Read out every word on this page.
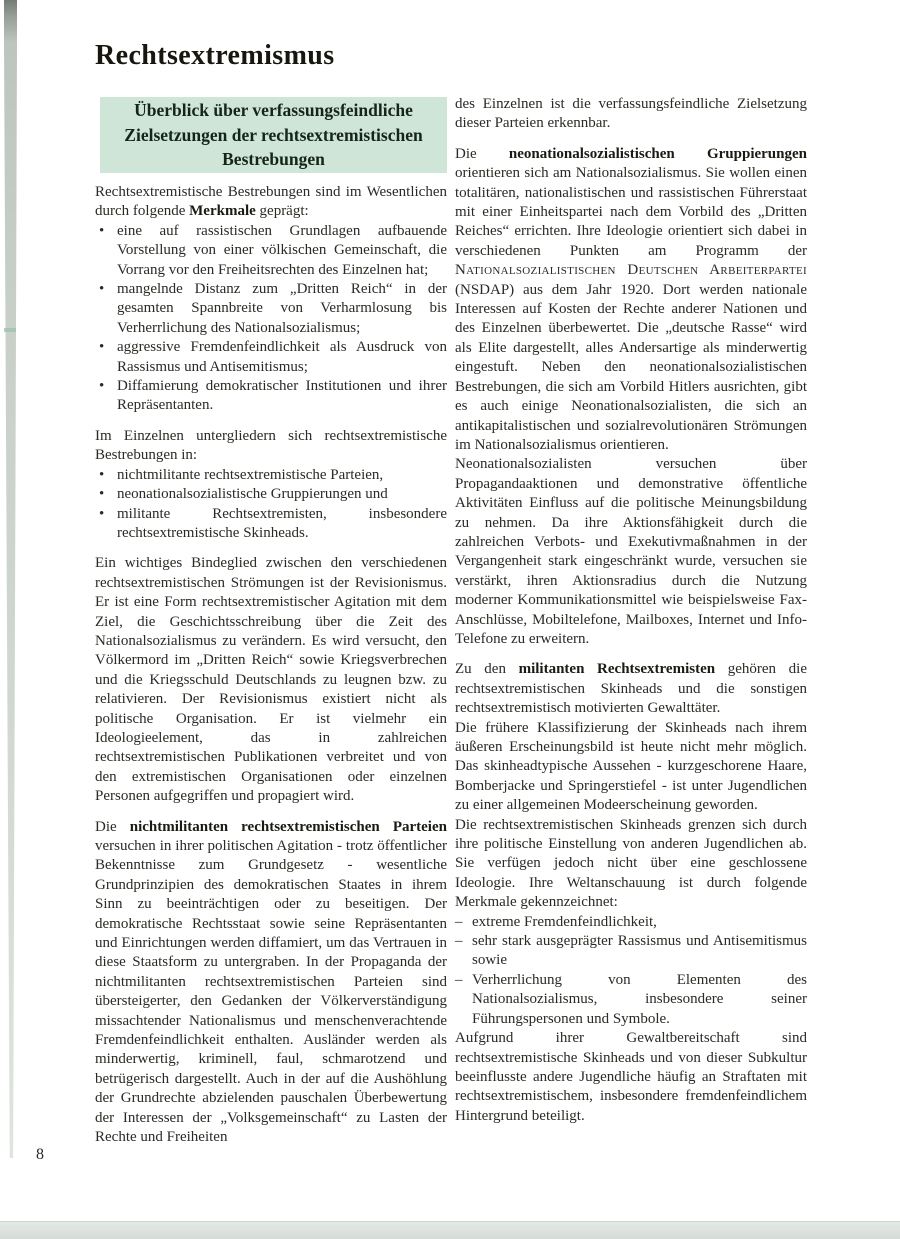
Rechtsextremismus
Überblick über verfassungsfeindliche Zielsetzungen der rechtsextremistischen Bestrebungen
Rechtsextremistische Bestrebungen sind im Wesentlichen durch folgende Merkmale geprägt:
• eine auf rassistischen Grundlagen aufbauende Vorstellung von einer völkischen Gemeinschaft, die Vorrang vor den Freiheitsrechten des Einzelnen hat;
• mangelnde Distanz zum „Dritten Reich“ in der gesamten Spannbreite von Verharmlosung bis Verherrlichung des Nationalsozialismus;
• aggressive Fremdenfeindlichkeit als Ausdruck von Rassismus und Antisemitismus;
• Diffamierung demokratischer Institutionen und ihrer Repräsentanten.
Im Einzelnen untergliedern sich rechtsextremistische Bestrebungen in:
• nichtmilitante rechtsextremistische Parteien,
• neonationalsozialistische Gruppierungen und
• militante Rechtsextremisten, insbesondere rechtsextremistische Skinheads.
Ein wichtiges Bindeglied zwischen den verschiedenen rechtsextremistischen Strömungen ist der Revisionismus. Er ist eine Form rechtsextremistischer Agitation mit dem Ziel, die Geschichtsschreibung über die Zeit des Nationalsozialismus zu verändern. Es wird versucht, den Völkermord im „Dritten Reich“ sowie Kriegsverbrechen und die Kriegsschuld Deutschlands zu leugnen bzw. zu relativieren. Der Revisionismus existiert nicht als politische Organisation. Er ist vielmehr ein Ideologieelement, das in zahlreichen rechtsextremistischen Publikationen verbreitet und von den extremistischen Organisationen oder einzelnen Personen aufgegriffen und propagiert wird.
Die nichtmilitanten rechtsextremistischen Parteien versuchen in ihrer politischen Agitation - trotz öffentlicher Bekenntnisse zum Grundgesetz - wesentliche Grundprinzipien des demokratischen Staates in ihrem Sinn zu beeinträchtigen oder zu beseitigen. Der demokratische Rechtsstaat sowie seine Repräsentanten und Einrichtungen werden diffamiert, um das Vertrauen in diese Staatsform zu untergraben. In der Propaganda der nichtmilitanten rechtsextremistischen Parteien sind übersteigerter, den Gedanken der Völkerverständigung missachtender Nationalismus und menschenverachtende Fremdenfeindlichkeit enthalten. Ausländer werden als minderwertig, kriminell, faul, schmarotzend und betrügerisch dargestellt. Auch in der auf die Aushöhlung der Grundrechte abzielenden pauschalen Überbewertung der Interessen der „Volksgemeinschaft“ zu Lasten der Rechte und Freiheiten
des Einzelnen ist die verfassungsfeindliche Zielsetzung dieser Parteien erkennbar.
Die neonationalsozialistischen Gruppierungen orientieren sich am Nationalsozialismus. Sie wollen einen totalitären, nationalistischen und rassistischen Führerstaat mit einer Einheitspartei nach dem Vorbild des „Dritten Reiches“ errichten. Ihre Ideologie orientiert sich dabei in verschiedenen Punkten am Programm der Nationalsozialistischen Deutschen Arbeiterpartei (NSDAP) aus dem Jahr 1920. Dort werden nationale Interessen auf Kosten der Rechte anderer Nationen und des Einzelnen überbewertet. Die „deutsche Rasse“ wird als Elite dargestellt, alles Andersartige als minderwertig eingestuft. Neben den neonationalsozialistischen Bestrebungen, die sich am Vorbild Hitlers ausrichten, gibt es auch einige Neonationalsozialisten, die sich an antikapitalistischen und sozialrevolutionären Strömungen im Nationalsozialismus orientieren.
Neonationalsozialisten versuchen über Propagandaaktionen und demonstrative öffentliche Aktivitäten Einfluss auf die politische Meinungsbildung zu nehmen. Da ihre Aktionsfähigkeit durch die zahlreichen Verbots- und Exekutivmaßnahmen in der Vergangenheit stark eingeschränkt wurde, versuchen sie verstärkt, ihren Aktionsradius durch die Nutzung moderner Kommunikationsmittel wie beispielsweise Fax-Anschlüsse, Mobiltelefone, Mailboxes, Internet und Info-Telefone zu erweitern.
Zu den militanten Rechtsextremisten gehören die rechtsextremistischen Skinheads und die sonstigen rechtsextremistisch motivierten Gewalttäter.
Die frühere Klassifizierung der Skinheads nach ihrem äußeren Erscheinungsbild ist heute nicht mehr möglich. Das skinheadtypische Aussehen - kurzgeschorene Haare, Bomberjacke und Springerstiefel - ist unter Jugendlichen zu einer allgemeinen Modeerscheinung geworden.
Die rechtsextremistischen Skinheads grenzen sich durch ihre politische Einstellung von anderen Jugendlichen ab. Sie verfügen jedoch nicht über eine geschlossene Ideologie. Ihre Weltanschauung ist durch folgende Merkmale gekennzeichnet:
– extreme Fremdenfeindlichkeit,
– sehr stark ausgeprägter Rassismus und Antisemitismus sowie
– Verherrlichung von Elementen des Nationalsozialismus, insbesondere seiner Führungspersonen und Symbole.
Aufgrund ihrer Gewaltbereitschaft sind rechtsextremistische Skinheads und von dieser Subkultur beeinflusste andere Jugendliche häufig an Straftaten mit rechtsextremistischem, insbesondere fremdenfeindlichem Hintergrund beteiligt.
8
